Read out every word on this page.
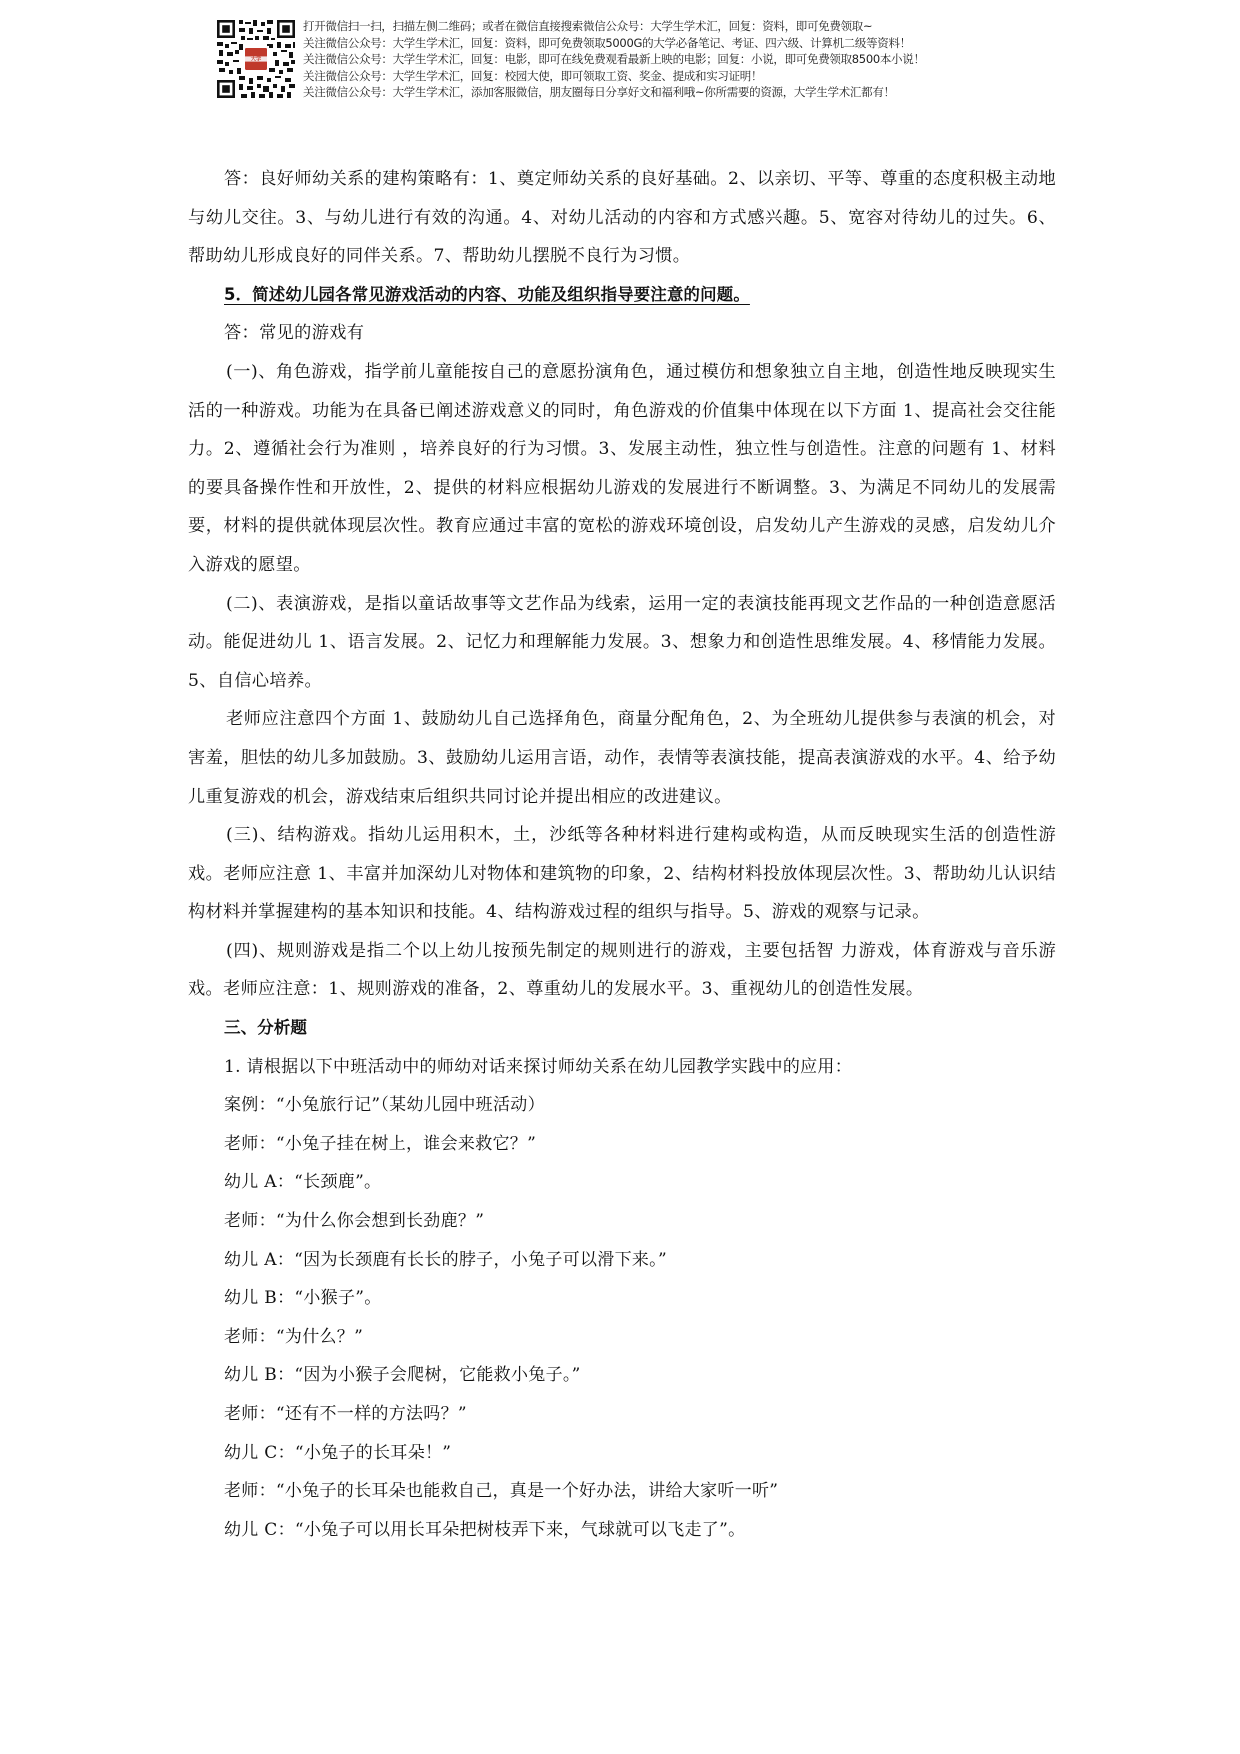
大学
打开微信扫一扫，扫描左侧二维码；或者在微信直接搜索微信公众号：大学生学术汇，回复：资料，即可免费领取~
关注微信公众号：大学生学术汇，回复：资料，即可免费领取5000G的大学必备笔记、考证、四六级、计算机二级等资料！
关注微信公众号：大学生学术汇，回复：电影，即可在线免费观看最新上映的电影；回复：小说，即可免费领取8500本小说！
关注微信公众号：大学生学术汇，回复：校园大使，即可领取工资、奖金、提成和实习证明！
关注微信公众号：大学生学术汇，添加客服微信，朋友圈每日分享好文和福利哦~你所需要的资源，大学生学术汇都有！

答：良好师幼关系的建构策略有：1、奠定师幼关系的良好基础。2、以亲切、平等、尊重的态度积极主动地与幼儿交往。3、与幼儿进行有效的沟通。4、对幼儿活动的内容和方式感兴趣。5、宽容对待幼儿的过失。6、帮助幼儿形成良好的同伴关系。7、帮助幼儿摆脱不良行为习惯。

5．简述幼儿园各常见游戏活动的内容、功能及组织指导要注意的问题。

答：常见的游戏有

(一)、角色游戏，指学前儿童能按自己的意愿扮演角色，通过模仿和想象独立自主地，创造性地反映现实生活的一种游戏。功能为在具备已阐述游戏意义的同时，角色游戏的价值集中体现在以下方面 1、提高社会交往能力。2、遵循社会行为准则 ，培养良好的行为习惯。3、发展主动性，独立性与创造性。注意的问题有 1、材料的要具备操作性和开放性，2、提供的材料应根据幼儿游戏的发展进行不断调整。3、为满足不同幼儿的发展需要，材料的提供就体现层次性。教育应通过丰富的宽松的游戏环境创设，启发幼儿产生游戏的灵感，启发幼儿介入游戏的愿望。

(二)、表演游戏，是指以童话故事等文艺作品为线索，运用一定的表演技能再现文艺作品的一种创造意愿活动。能促进幼儿 1、语言发展。2、记忆力和理解能力发展。3、想象力和创造性思维发展。4、移情能力发展。5、自信心培养。

老师应注意四个方面 1、鼓励幼儿自己选择角色，商量分配角色，2、为全班幼儿提供参与表演的机会，对害羞，胆怯的幼儿多加鼓励。3、鼓励幼儿运用言语，动作，表情等表演技能，提高表演游戏的水平。4、给予幼儿重复游戏的机会，游戏结束后组织共同讨论并提出相应的改进建议。

(三)、结构游戏。指幼儿运用积木，土，沙纸等各种材料进行建构或构造，从而反映现实生活的创造性游戏。老师应注意 1、丰富并加深幼儿对物体和建筑物的印象，2、结构材料投放体现层次性。3、帮助幼儿认识结构材料并掌握建构的基本知识和技能。4、结构游戏过程的组织与指导。5、游戏的观察与记录。

(四)、规则游戏是指二个以上幼儿按预先制定的规则进行的游戏，主要包括智 力游戏，体育游戏与音乐游戏。老师应注意：1、规则游戏的准备，2、尊重幼儿的发展水平。3、重视幼儿的创造性发展。

三、分析题
1. 请根据以下中班活动中的师幼对话来探讨师幼关系在幼儿园教学实践中的应用：
案例：“小兔旅行记”（某幼儿园中班活动）
老师：“小兔子挂在树上，谁会来救它？”
幼儿 A：“长颈鹿”。
老师：“为什么你会想到长劲鹿？”
幼儿 A：“因为长颈鹿有长长的脖子，小兔子可以滑下来。”
幼儿 B：“小猴子”。
老师：“为什么？”
幼儿 B：“因为小猴子会爬树，它能救小兔子。”
老师：“还有不一样的方法吗？”
幼儿 C：“小兔子的长耳朵！”
老师：“小兔子的长耳朵也能救自己，真是一个好办法，讲给大家听一听”
幼儿 C：“小兔子可以用长耳朵把树枝弄下来，气球就可以飞走了”。
